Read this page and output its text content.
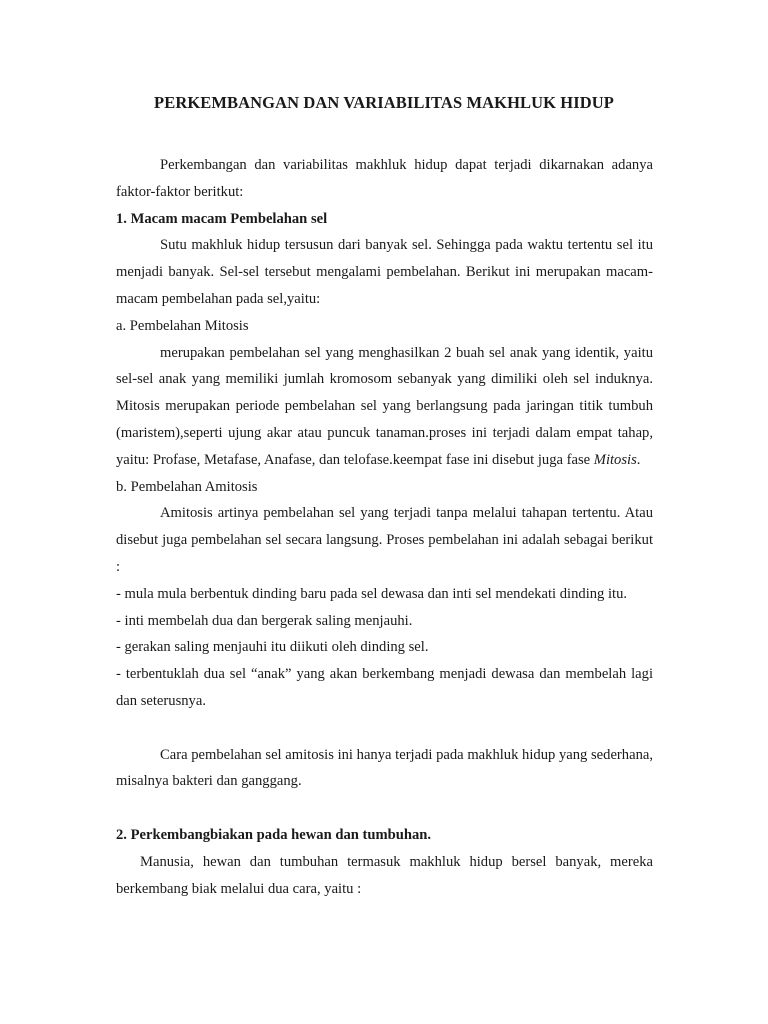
PERKEMBANGAN DAN VARIABILITAS MAKHLUK HIDUP

Perkembangan dan variabilitas makhluk hidup dapat terjadi dikarnakan adanya faktor-faktor beritkut:

1. Macam macam Pembelahan sel

Sutu makhluk hidup tersusun dari banyak sel. Sehingga pada waktu tertentu sel itu menjadi banyak. Sel-sel tersebut mengalami pembelahan. Berikut ini merupakan macam-macam pembelahan pada sel,yaitu:

a. Pembelahan Mitosis

merupakan pembelahan sel yang menghasilkan 2 buah sel anak yang identik, yaitu sel-sel anak yang memiliki jumlah kromosom sebanyak yang dimiliki oleh sel induknya. Mitosis merupakan periode pembelahan sel yang berlangsung pada jaringan titik tumbuh (maristem),seperti ujung akar atau puncuk tanaman.proses ini terjadi dalam empat tahap, yaitu: Profase, Metafase, Anafase, dan telofase.keempat fase ini disebut juga fase Mitosis.

b. Pembelahan Amitosis

Amitosis artinya pembelahan sel yang terjadi tanpa melalui tahapan tertentu. Atau disebut juga pembelahan sel secara langsung. Proses pembelahan ini adalah sebagai berikut :

- mula mula berbentuk dinding baru pada sel dewasa dan inti sel mendekati dinding itu.

- inti membelah dua dan bergerak saling menjauhi.

- gerakan saling menjauhi itu diikuti oleh dinding sel.

- terbentuklah dua sel “anak” yang akan berkembang menjadi dewasa dan membelah lagi dan seterusnya.

Cara pembelahan sel amitosis ini hanya terjadi pada makhluk hidup yang sederhana, misalnya bakteri dan ganggang.

2. Perkembangbiakan pada hewan dan tumbuhan.

Manusia, hewan dan tumbuhan termasuk makhluk hidup bersel banyak, mereka berkembang biak melalui dua cara, yaitu :
